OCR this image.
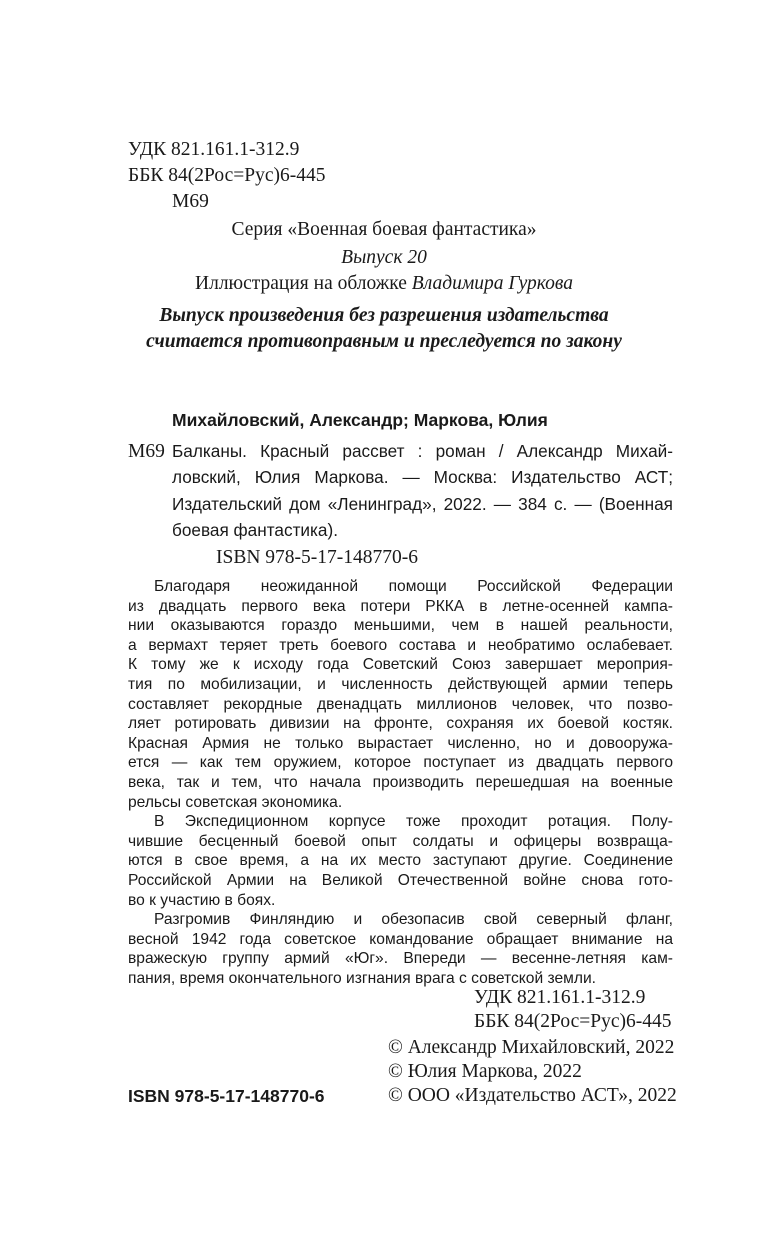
УДК 821.161.1-312.9
ББК 84(2Рос=Рус)6-445
М69
Серия «Военная боевая фантастика»
Выпуск 20
Иллюстрация на обложке Владимира Гуркова
Выпуск произведения без разрешения издательства
считается противоправным и преследуется по закону
Михайловский, Александр; Маркова, Юлия
М69 Балканы. Красный рассвет : роман / Александр Михай-
ловский, Юлия Маркова. — Москва: Издательство АСТ;
Издательский дом «Ленинград», 2022. — 384 с. — (Военная
боевая фантастика).
ISBN 978-5-17-148770-6
Благодаря неожиданной помощи Российской Федерации
из двадцать первого века потери РККА в летне-осенней кампа-
нии оказываются гораздо меньшими, чем в нашей реальности,
а вермахт теряет треть боевого состава и необратимо ослабевает.
К тому же к исходу года Советский Союз завершает мероприя-
тия по мобилизации, и численность действующей армии теперь
составляет рекордные двенадцать миллионов человек, что позво-
ляет ротировать дивизии на фронте, сохраняя их боевой костяк.
Красная Армия не только вырастает численно, но и довооружа-
ется — как тем оружием, которое поступает из двадцать первого
века, так и тем, что начала производить перешедшая на военные
рельсы советская экономика.
В Экспедиционном корпусе тоже проходит ротация. Полу-
чившие бесценный боевой опыт солдаты и офицеры возвраща-
ются в свое время, а на их место заступают другие. Соединение
Российской Армии на Великой Отечественной войне снова гото-
во к участию в боях.
Разгромив Финляндию и обезопасив свой северный фланг,
весной 1942 года советское командование обращает внимание на
вражескую группу армий «Юг». Впереди — весенне-летняя кам-
пания, время окончательного изгнания врага с советской земли.
УДК 821.161.1-312.9
ББК 84(2Рос=Рус)6-445
© Александр Михайловский, 2022
© Юлия Маркова, 2022
© ООО «Издательство АСТ», 2022
ISBN 978-5-17-148770-6
